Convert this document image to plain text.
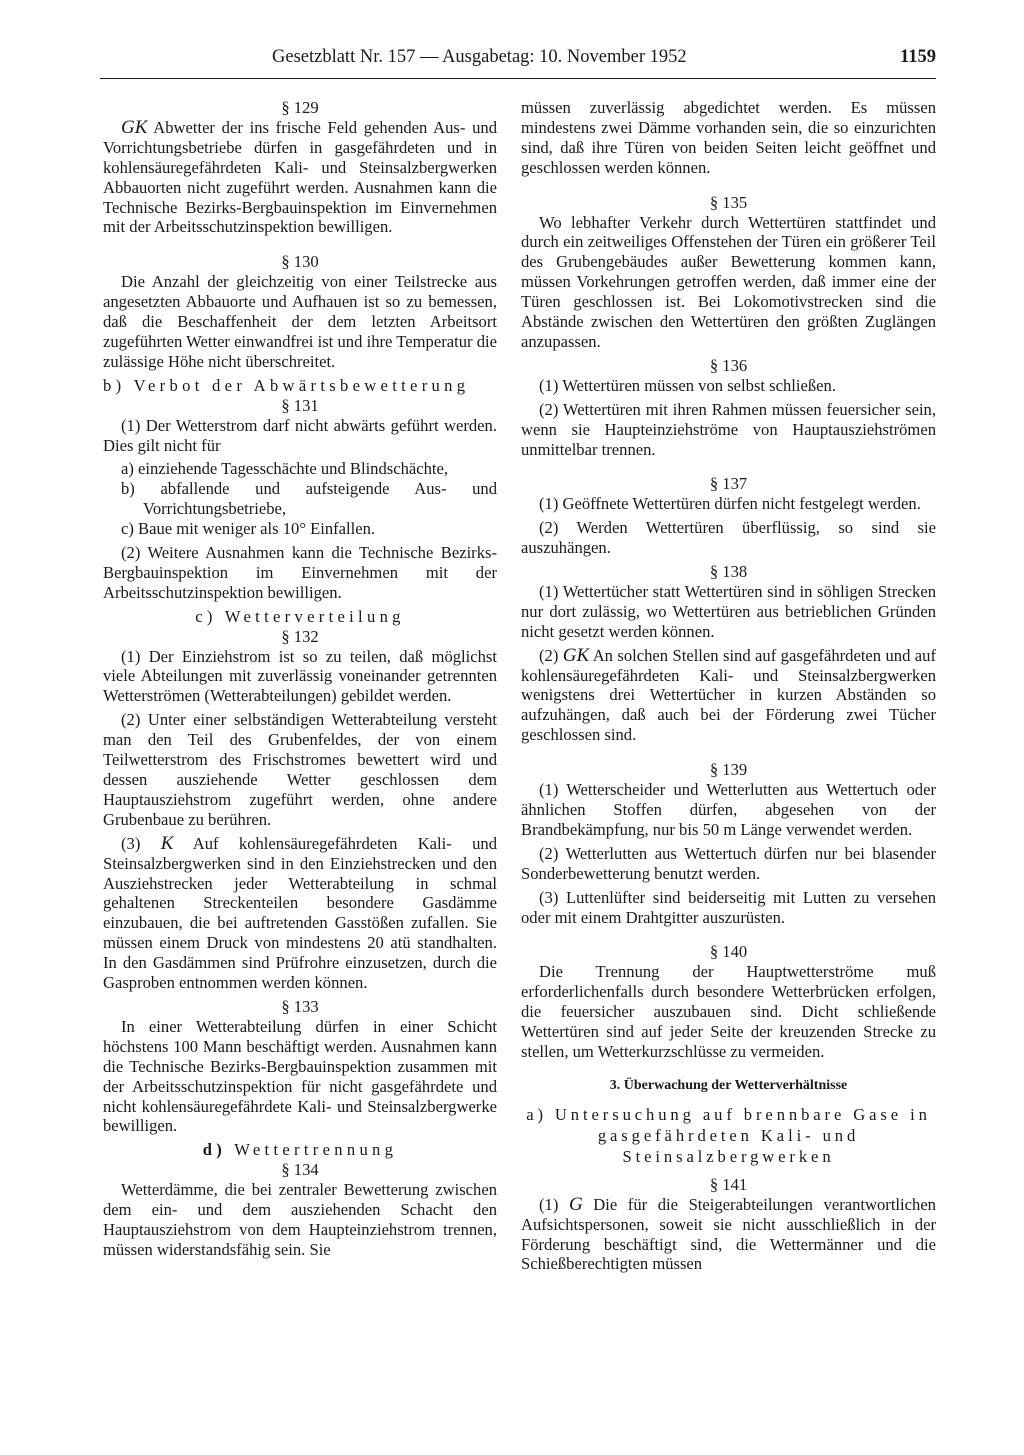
Gesetzblatt Nr. 157 — Ausgabetag: 10. November 1952	1159

§ 129

GK Abwetter der ins frische Feld gehenden Aus- und Vorrichtungsbetriebe dürfen in gasgefährdeten und in kohlensäuregefährdeten Kali- und Steinsalzbergwerken Abbauorten nicht zugeführt werden. Ausnahmen kann die Technische Bezirks-Bergbauinspektion im Einvernehmen mit der Arbeitsschutzinspektion bewilligen.

§ 130

Die Anzahl der gleichzeitig von einer Teilstrecke aus angesetzten Abbauorte und Aufhauen ist so zu bemessen, daß die Beschaffenheit der dem letzten Arbeitsort zugeführten Wetter einwandfrei ist und ihre Temperatur die zulässige Höhe nicht überschreitet.

b) Verbot der Abwärtsbewetterung

§ 131

(1) Der Wetterstrom darf nicht abwärts geführt werden. Dies gilt nicht für

a) einziehende Tagesschächte und Blindschächte,
b) abfallende und aufsteigende Aus- und Vorrichtungsbetriebe,
c) Baue mit weniger als 10° Einfallen.

(2) Weitere Ausnahmen kann die Technische Bezirks-Bergbauinspektion im Einvernehmen mit der Arbeitsschutzinspektion bewilligen.

c) Wetterverteilung

§ 132

(1) Der Einziehstrom ist so zu teilen, daß möglichst viele Abteilungen mit zuverlässig voneinander getrennten Wetterströmen (Wetterabteilungen) gebildet werden.

(2) Unter einer selbständigen Wetterabteilung versteht man den Teil des Grubenfeldes, der von einem Teilwetterstrom des Frischstromes bewettert wird und dessen ausziehende Wetter geschlossen dem Hauptausziehstrom zugeführt werden, ohne andere Grubenbaue zu berühren.

(3) K Auf kohlensäuregefährdeten Kali- und Steinsalzbergwerken sind in den Einziehstrecken und den Ausziehstrecken jeder Wetterabteilung in schmal gehaltenen Streckenteilen besondere Gasdämme einzubauen, die bei auftretenden Gasstößen zufallen. Sie müssen einem Druck von mindestens 20 atü standhalten. In den Gasdämmen sind Prüfrohre einzusetzen, durch die Gasproben entnommen werden können.

§ 133

In einer Wetterabteilung dürfen in einer Schicht höchstens 100 Mann beschäftigt werden. Ausnahmen kann die Technische Bezirks-Bergbauinspektion zusammen mit der Arbeitsschutzinspektion für nicht gasgefährdete und nicht kohlensäuregefährdete Kali- und Steinsalzbergwerke bewilligen.

d) Wettertrennung

§ 134

Wetterdämme, die bei zentraler Bewetterung zwischen dem ein- und dem ausziehenden Schacht den Hauptausziehstrom von dem Haupteinziehstrom trennen, müssen widerstandsfähig sein. Sie

müssen zuverlässig abgedichtet werden. Es müssen mindestens zwei Dämme vorhanden sein, die so einzurichten sind, daß ihre Türen von beiden Seiten leicht geöffnet und geschlossen werden können.

§ 135

Wo lebhafter Verkehr durch Wettertüren stattfindet und durch ein zeitweiliges Offenstehen der Türen ein größerer Teil des Grubengebäudes außer Bewetterung kommen kann, müssen Vorkehrungen getroffen werden, daß immer eine der Türen geschlossen ist. Bei Lokomotivstrecken sind die Abstände zwischen den Wettertüren den größten Zuglängen anzupassen.

§ 136

(1) Wettertüren müssen von selbst schließen.

(2) Wettertüren mit ihren Rahmen müssen feuersicher sein, wenn sie Haupteinziehströme von Hauptausziehströmen unmittelbar trennen.

§ 137

(1) Geöffnete Wettertüren dürfen nicht festgelegt werden.

(2) Werden Wettertüren überflüssig, so sind sie auszuhängen.

§ 138

(1) Wettertücher statt Wettertüren sind in söhligen Strecken nur dort zulässig, wo Wettertüren aus betrieblichen Gründen nicht gesetzt werden können.

(2) GK An solchen Stellen sind auf gasgefährdeten und auf kohlensäuregefährdeten Kali- und Steinsalzbergwerken wenigstens drei Wettertücher in kurzen Abständen so aufzuhängen, daß auch bei der Förderung zwei Tücher geschlossen sind.

§ 139

(1) Wetterscheider und Wetterlutten aus Wettertuch oder ähnlichen Stoffen dürfen, abgesehen von der Brandbekämpfung, nur bis 50 m Länge verwendet werden.

(2) Wetterlutten aus Wettertuch dürfen nur bei blasender Sonderbewetterung benutzt werden.

(3) Luttenlüfter sind beiderseitig mit Lutten zu versehen oder mit einem Drahtgitter auszurüsten.

§ 140

Die Trennung der Hauptwetterströme muß erforderlichenfalls durch besondere Wetterbrücken erfolgen, die feuersicher auszubauen sind. Dicht schließende Wettertüren sind auf jeder Seite der kreuzenden Strecke zu stellen, um Wetterkurzschlüsse zu vermeiden.

3. Überwachung der Wetterverhältnisse

a) Untersuchung auf brennbare Gase in gasgefährdeten Kali- und Steinsalzbergwerken

§ 141

(1) G Die für die Steigerabteilungen verantwortlichen Aufsichtspersonen, soweit sie nicht ausschließlich in der Förderung beschäftigt sind, die Wettermänner und die Schießberechtigten müssen
